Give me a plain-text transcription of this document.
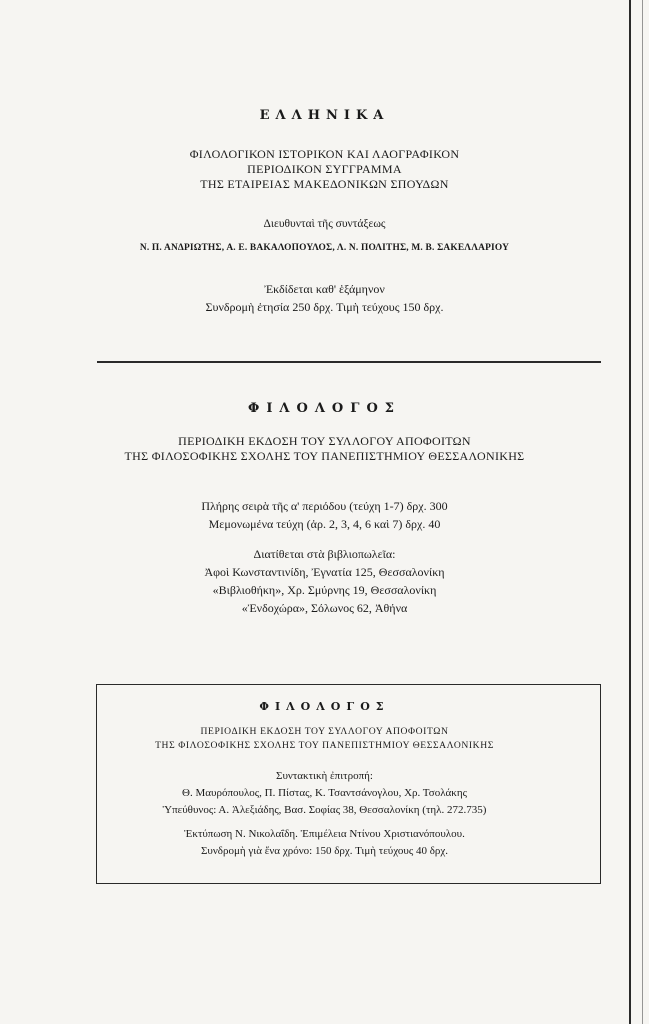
ΕΛΛΗΝΙΚΑ
ΦΙΛΟΛΟΓΙΚΟΝ ΙΣΤΟΡΙΚΟΝ ΚΑΙ ΛΑΟΓΡΑΦΙΚΟΝ
ΠΕΡΙΟΔΙΚΟΝ ΣΥΓΓΡΑΜΜΑ
ΤΗΣ ΕΤΑΙΡΕΙΑΣ ΜΑΚΕΔΟΝΙΚΩΝ ΣΠΟΥΔΩΝ
Διευθυνταὶ τῆς συντάξεως
Ν. Π. ΑΝΔΡΙΩΤΗΣ, Α. Ε. ΒΑΚΑΛΟΠΟΥΛΟΣ, Λ. Ν. ΠΟΛΙΤΗΣ, Μ. Β. ΣΑΚΕΛΛΑΡΙΟΥ
Ἐκδίδεται καθ' ἑξάμηνον
Συνδρομὴ ἐτησία 250 δρχ. Τιμὴ τεύχους 150 δρχ.
ΦΙΛΟΛΟΓΟΣ
ΠΕΡΙΟΔΙΚΗ ΕΚΔΟΣΗ ΤΟΥ ΣΥΛΛΟΓΟΥ ΑΠΟΦΟΙΤΩΝ
ΤΗΣ ΦΙΛΟΣΟΦΙΚΗΣ ΣΧΟΛΗΣ ΤΟΥ ΠΑΝΕΠΙΣΤΗΜΙΟΥ ΘΕΣΣΑΛΟΝΙΚΗΣ
Πλήρης σειρὰ τῆς α' περιόδου (τεύχη 1-7) δρχ. 300
Μεμονωμένα τεύχη (ἀρ. 2, 3, 4, 6 καὶ 7) δρχ. 40
Διατίθεται στὰ βιβλιοπωλεῖα:
Ἀφοὶ Κωνσταντινίδη, Ἐγνατία 125, Θεσσαλονίκη
«Βιβλιοθήκη», Χρ. Σμύρνης 19, Θεσσαλονίκη
«Ἐνδοχώρα», Σόλωνος 62, Ἀθήνα
ΦΙΛΟΛΟΓΟΣ
ΠΕΡΙΟΔΙΚΗ ΕΚΔΟΣΗ ΤΟΥ ΣΥΛΛΟΓΟΥ ΑΠΟΦΟΙΤΩΝ
ΤΗΣ ΦΙΛΟΣΟΦΙΚΗΣ ΣΧΟΛΗΣ ΤΟΥ ΠΑΝΕΠΙΣΤΗΜΙΟΥ ΘΕΣΣΑΛΟΝΙΚΗΣ
Συντακτικὴ ἐπιτροπή:
Θ. Μαυρόπουλος, Π. Πίστας, Κ. Τσαντσάνογλου, Χρ. Τσολάκης
Ὑπεύθυνος: Α. Ἀλεξιάδης, Βασ. Σοφίας 38, Θεσσαλονίκη (τηλ. 272.735)
Ἐκτύπωση Ν. Νικολαΐδη. Ἐπιμέλεια Ντίνου Χριστιανόπουλου.
Συνδρομὴ γιὰ ἕνα χρόνο: 150 δρχ. Τιμὴ τεύχους 40 δρχ.
